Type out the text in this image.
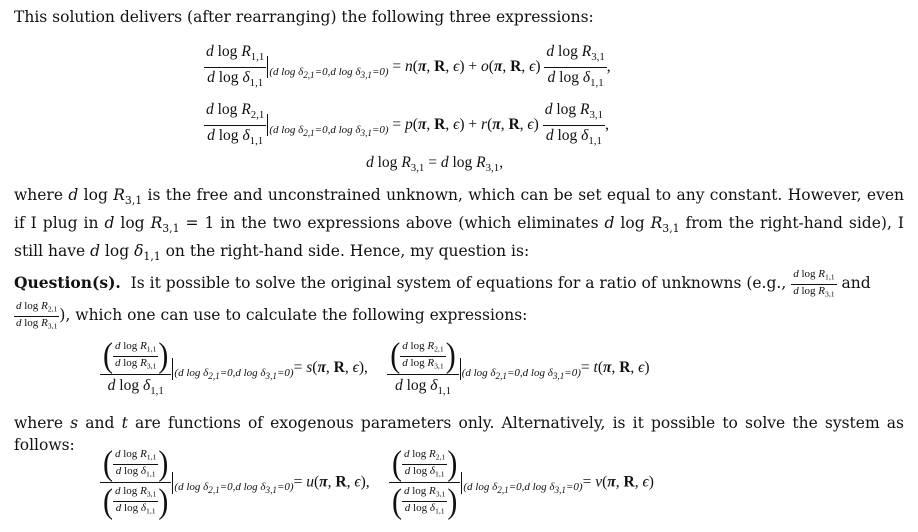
This solution delivers (after rearranging) the following three expressions:
$\frac{d \log R_{1,1}}{d \log \delta_{1,1}} _{(d log \delta_{2,1}=0,d log \delta_{3,1}=0)} = n(\pi$, R, ϵ) + o(π, R, $\epsilon) \frac{d \log R_{3,1}}{d \log \delta_{1,1}}$ ,
$\frac{d \log R_{2,1}}{d \log \delta_{1,1}} _{(d log \delta_{2,1}=0,d log \delta_{3,1}=0)} = p(\pi$, R, ϵ) + r(π, R, $\epsilon) \frac{d \log R_{3,1}}{d \log \delta_{1,1}}$ ,
d $\log R_{3,1} = d$ $\log R_{3,1}$,
where d $\log R_{3,1}$ is the free and unconstrained unknown, which can be set equal to any constant. However, even if I plug in d $\log R_{3,1} = 1$ in the two expressions above (which eliminates d $\log R_{3,1}$ from the right-hand side), I still have d $\log \delta_{1,1}$ on the right-hand side. Hence, my question is:
Question(s). Is it possible to solve the original system of equations for a ratio of unknowns (e.g., $\frac{d \log R_{1,1}}{d \log R_{3,1}}$ and

$\frac{d \log R_{2,1}}{d \log R_{3,1}}$ ), which one can use to calculate the following expressions:
$\frac{( \frac{d \log R_{1,1}}{d \log R_{3,1}} )}{d \log \delta_{1,1}} _{(d log \delta_{2,1}=0,d log \delta_{3,1}=0)}= s(\pi$, R, ϵ), $\frac{( \frac{d \log R_{2,1}}{d \log R_{3,1}} )}{d \log \delta_{1,1}} _{(d log \delta_{2,1}=0,d log \delta_{3,1}=0)}= t(\pi$, R, ϵ)
where s and t are functions of exogenous parameters only. Alternatively, is it possible to solve the system as follows:
$\frac{( \frac{d \log R_{1,1}}{d \log \delta_{1,1}} )}{( \frac{d \log R_{3,1}}{d \log \delta_{1,1}} )} _{(d log \delta_{2,1}=0,d log \delta_{3,1}=0)}= u(\pi$, R, ϵ), $\frac{( \frac{d \log R_{2,1}}{d \log \delta_{1,1}} )}{( \frac{d \log R_{3,1}}{d \log \delta_{1,1}} )} _{(d log \delta_{2,1}=0,d log \delta_{3,1}=0)}= v(\pi$, R, ϵ)
